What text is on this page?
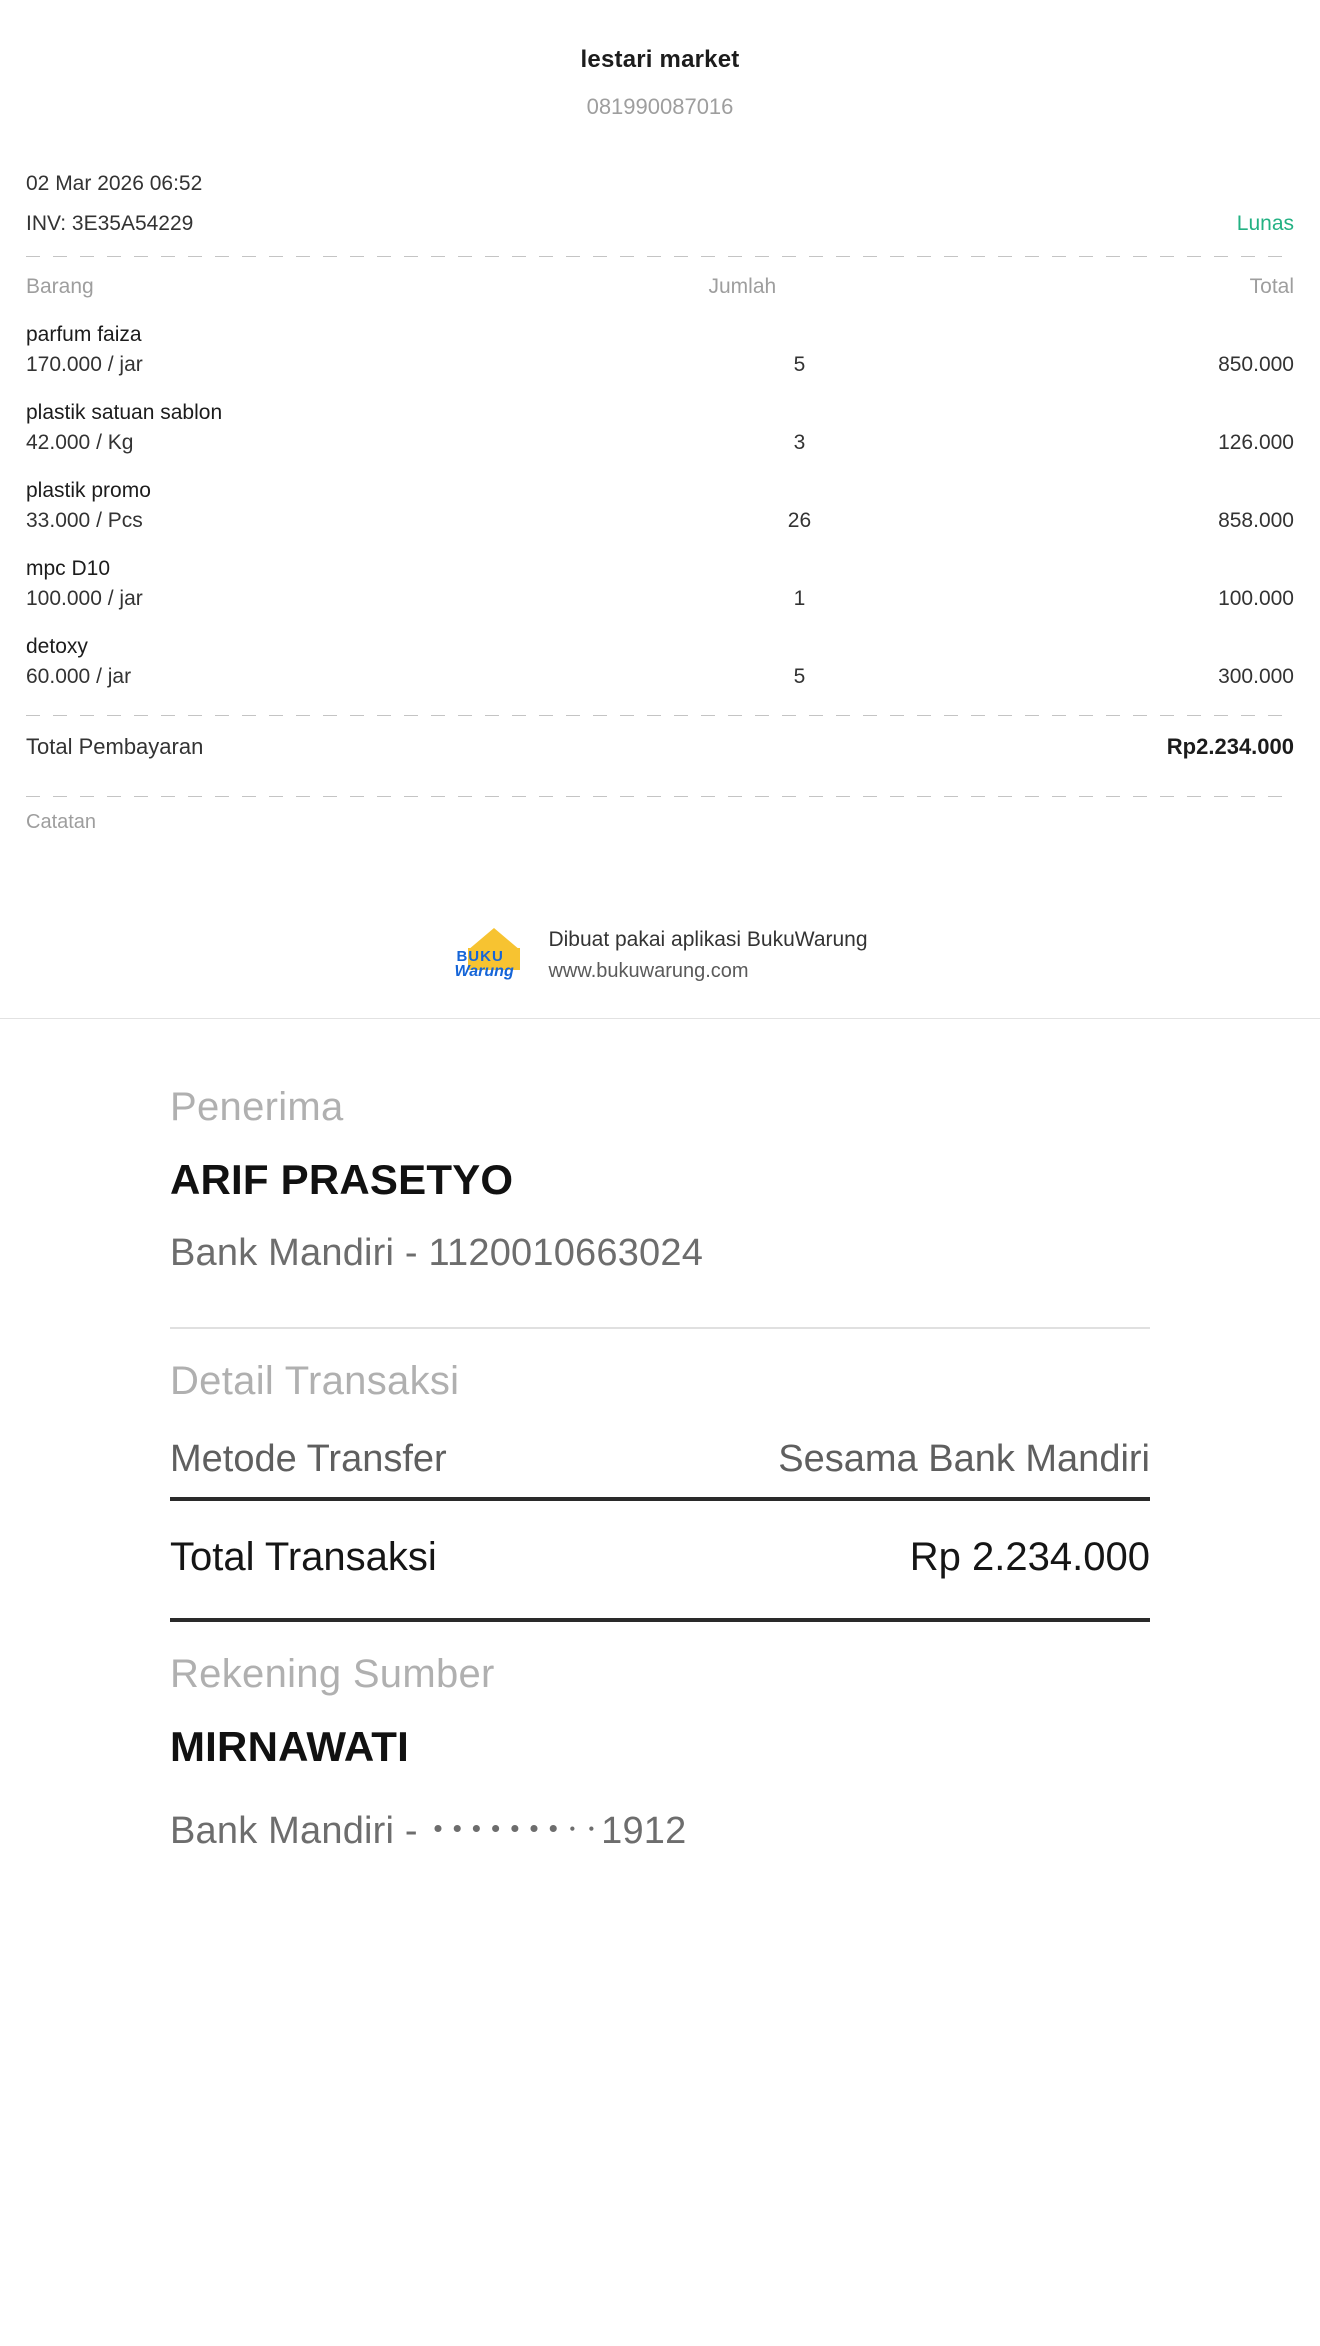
lestari market
081990087016
02 Mar 2026 06:52
INV: 3E35A54229	Lunas
Barang	Jumlah	Total
parfum faiza
170.000 / jar	5	850.000
plastik satuan sablon
42.000 / Kg	3	126.000
plastik promo
33.000 / Pcs	26	858.000
mpc D10
100.000 / jar	1	100.000
detoxy
60.000 / jar	5	300.000
Total Pembayaran	Rp2.234.000
Catatan
BUKU
Warung
Dibuat pakai aplikasi BukuWarung
www.bukuwarung.com
Penerima
ARIF PRASETYO
Bank Mandiri - 1120010663024
Detail Transaksi
Metode Transfer	Sesama Bank Mandiri
Total Transaksi	Rp 2.234.000
Rekening Sumber
MIRNAWATI
Bank Mandiri - ･･･････‥1912
